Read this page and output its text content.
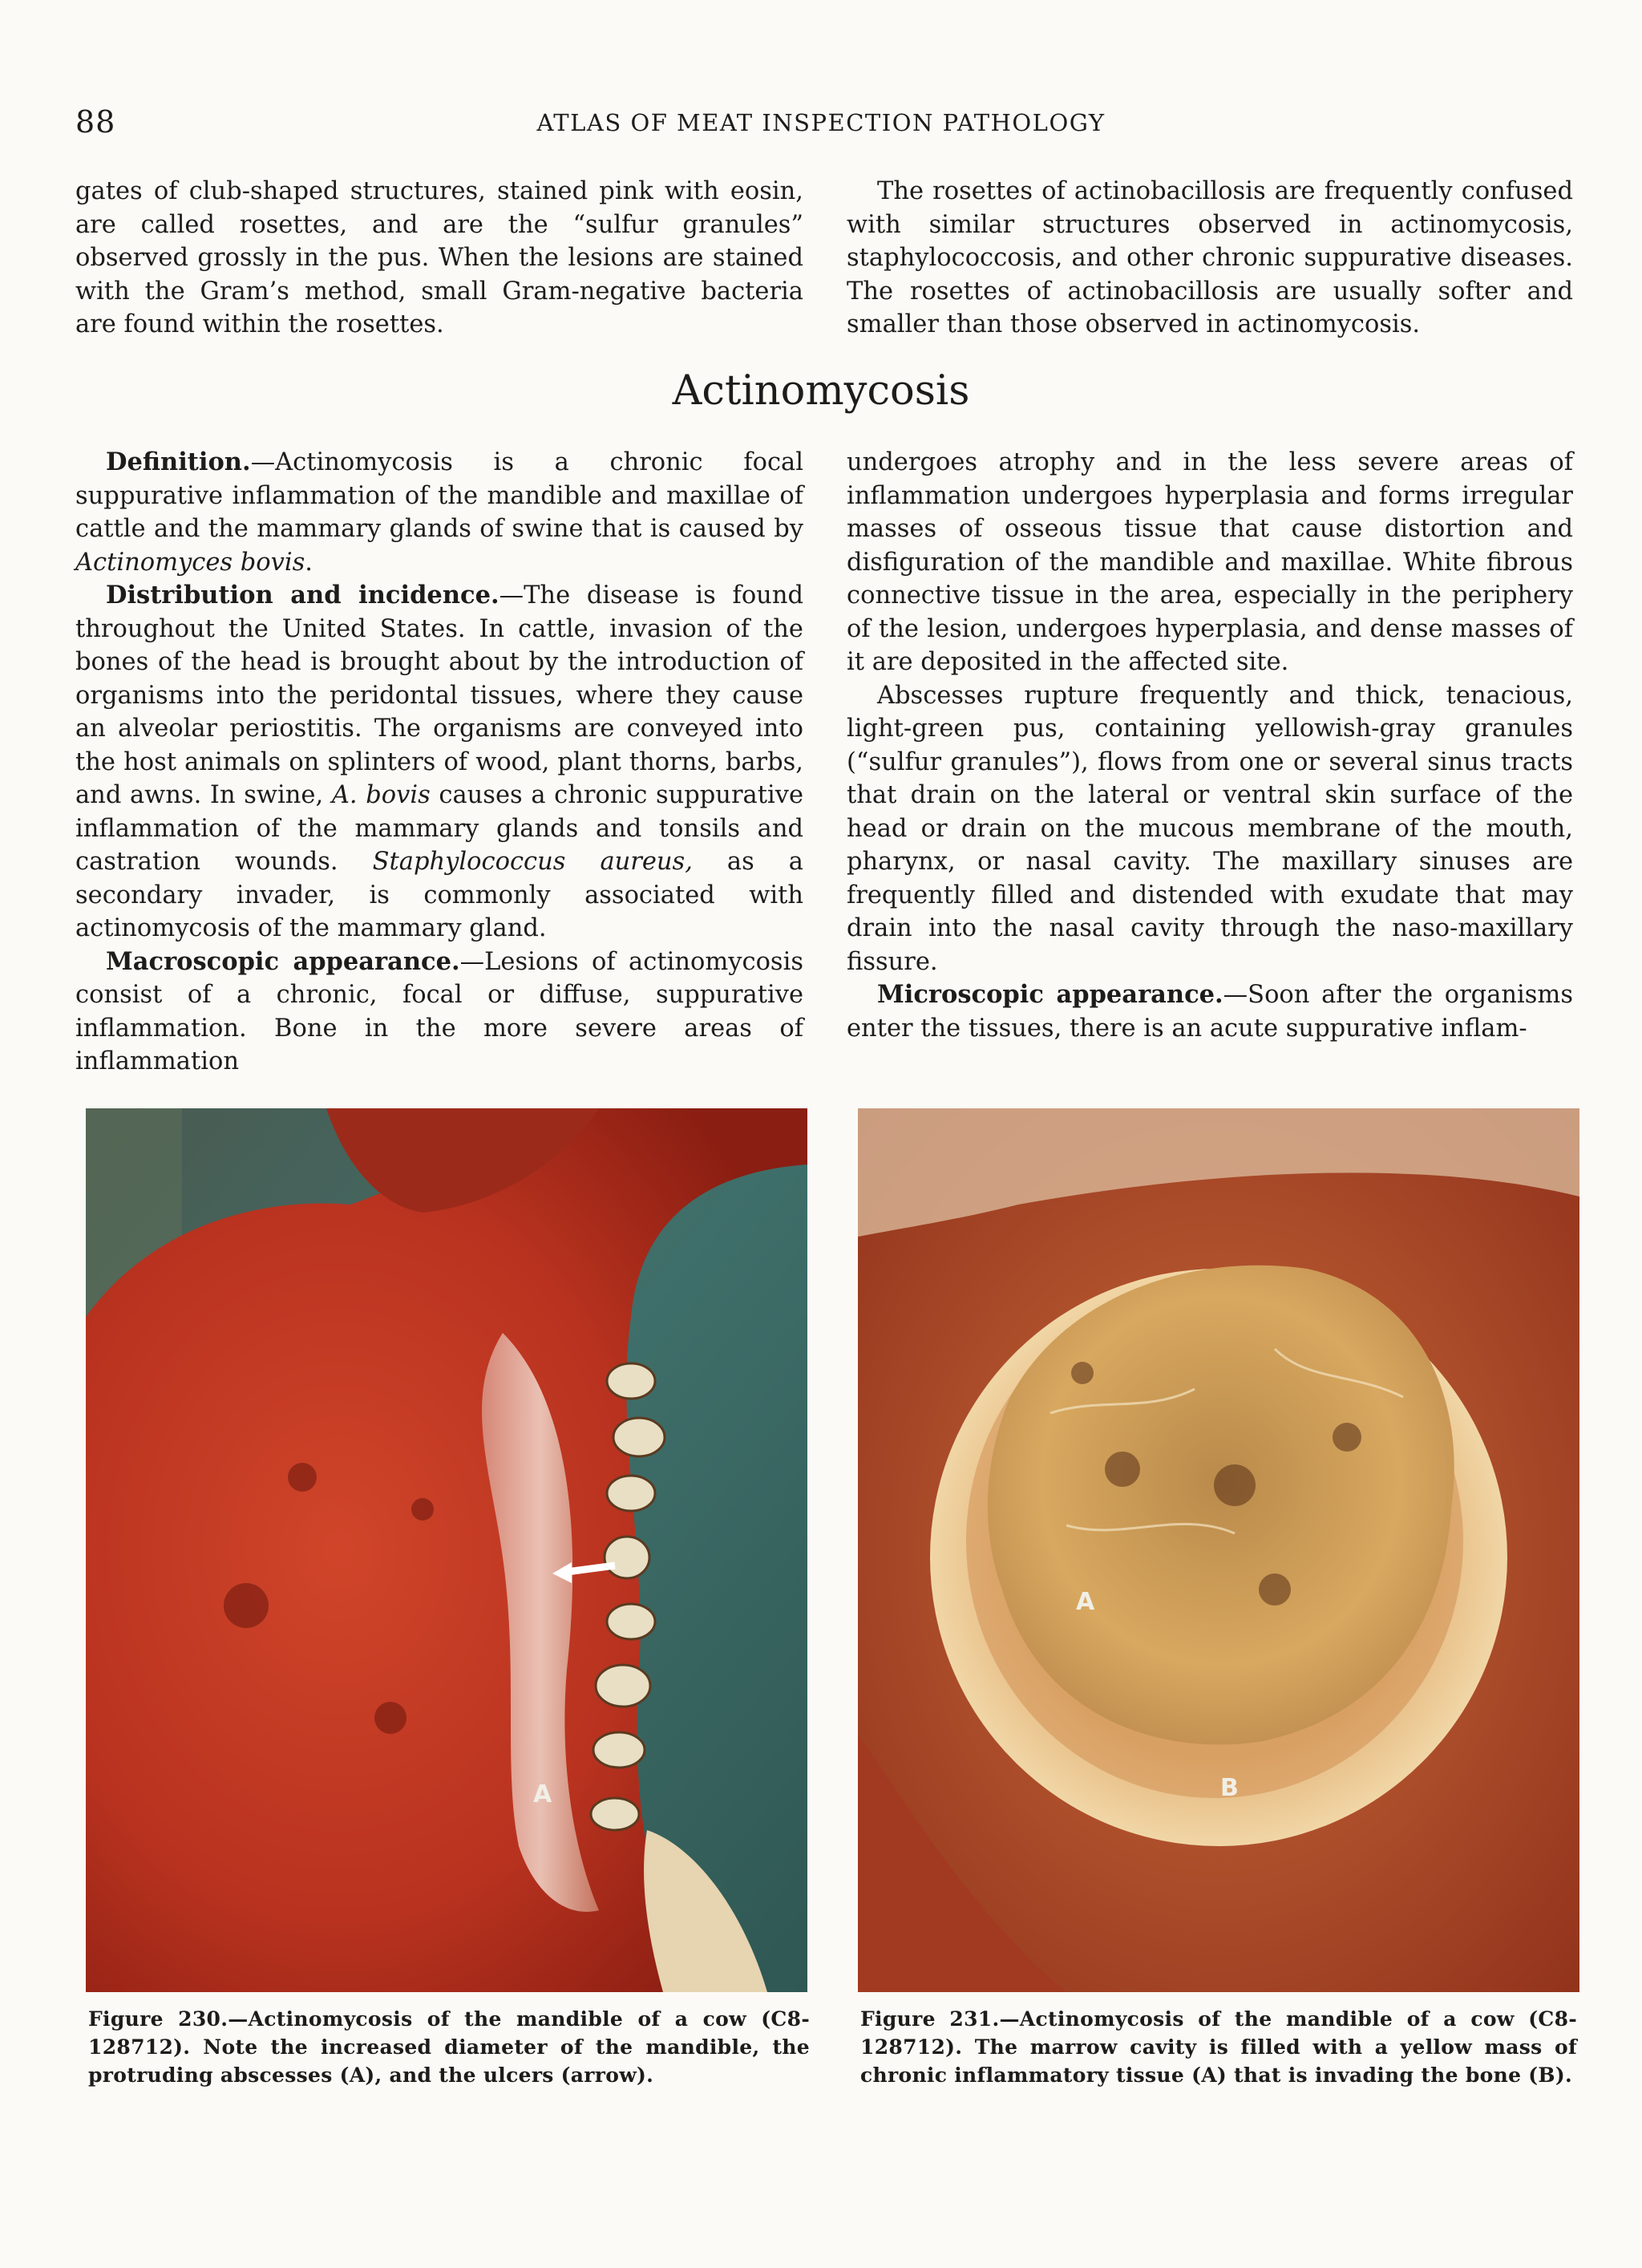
88	ATLAS OF MEAT INSPECTION PATHOLOGY

gates of club-shaped structures, stained pink with eosin, are called rosettes, and are the “sulfur granules” observed grossly in the pus. When the lesions are stained with the Gram’s method, small Gram-negative bacteria are found within the rosettes.

The rosettes of actinobacillosis are frequently confused with similar structures observed in actinomycosis, staphylococcosis, and other chronic suppurative diseases. The rosettes of actinobacillosis are usually softer and smaller than those observed in actinomycosis.

Actinomycosis

Definition.—Actinomycosis is a chronic focal suppurative inflammation of the mandible and maxillae of cattle and the mammary glands of swine that is caused by Actinomyces bovis.

Distribution and incidence.—The disease is found throughout the United States. In cattle, invasion of the bones of the head is brought about by the introduction of organisms into the peridontal tissues, where they cause an alveolar periostitis. The organisms are conveyed into the host animals on splinters of wood, plant thorns, barbs, and awns. In swine, A. bovis causes a chronic suppurative inflammation of the mammary glands and tonsils and castration wounds. Staphylococcus aureus, as a secondary invader, is commonly associated with actinomycosis of the mammary gland.

Macroscopic appearance.—Lesions of actinomycosis consist of a chronic, focal or diffuse, suppurative inflammation. Bone in the more severe areas of inflammation

undergoes atrophy and in the less severe areas of inflammation undergoes hyperplasia and forms irregular masses of osseous tissue that cause distortion and disfiguration of the mandible and maxillae. White fibrous connective tissue in the area, especially in the periphery of the lesion, undergoes hyperplasia, and dense masses of it are deposited in the affected site.

Abscesses rupture frequently and thick, tenacious, light-green pus, containing yellowish-gray granules (“sulfur granules”), flows from one or several sinus tracts that drain on the lateral or ventral skin surface of the head or drain on the mucous membrane of the mouth, pharynx, or nasal cavity. The maxillary sinuses are frequently filled and distended with exudate that may drain into the nasal cavity through the naso-maxillary fissure.

Microscopic appearance.—Soon after the organisms enter the tissues, there is an acute suppurative inflam-

A
A
B
Figure 230.—Actinomycosis of the mandible of a cow (C8-128712). Note the increased diameter of the mandible, the protruding abscesses (A), and the ulcers (arrow).
Figure 231.—Actinomycosis of the mandible of a cow (C8-128712). The marrow cavity is filled with a yellow mass of chronic inflammatory tissue (A) that is invading the bone (B).
